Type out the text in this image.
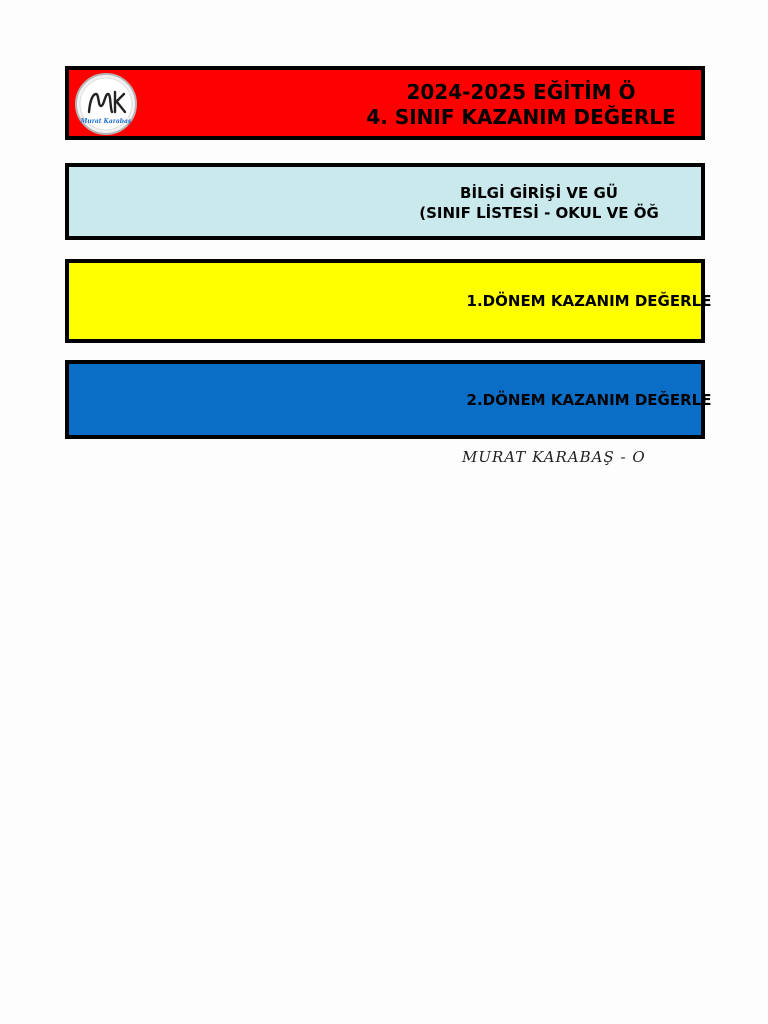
Murat Karabaş
2024-2025 EĞİTİM Ö
4. SINIF KAZANIM DEĞERLE
BİLGİ GİRİŞİ VE GÜ
(SINIF LİSTESİ - OKUL VE ÖĞ
1.DÖNEM KAZANIM DEĞERLE
2.DÖNEM KAZANIM DEĞERLE
MURAT KARABAŞ - O
